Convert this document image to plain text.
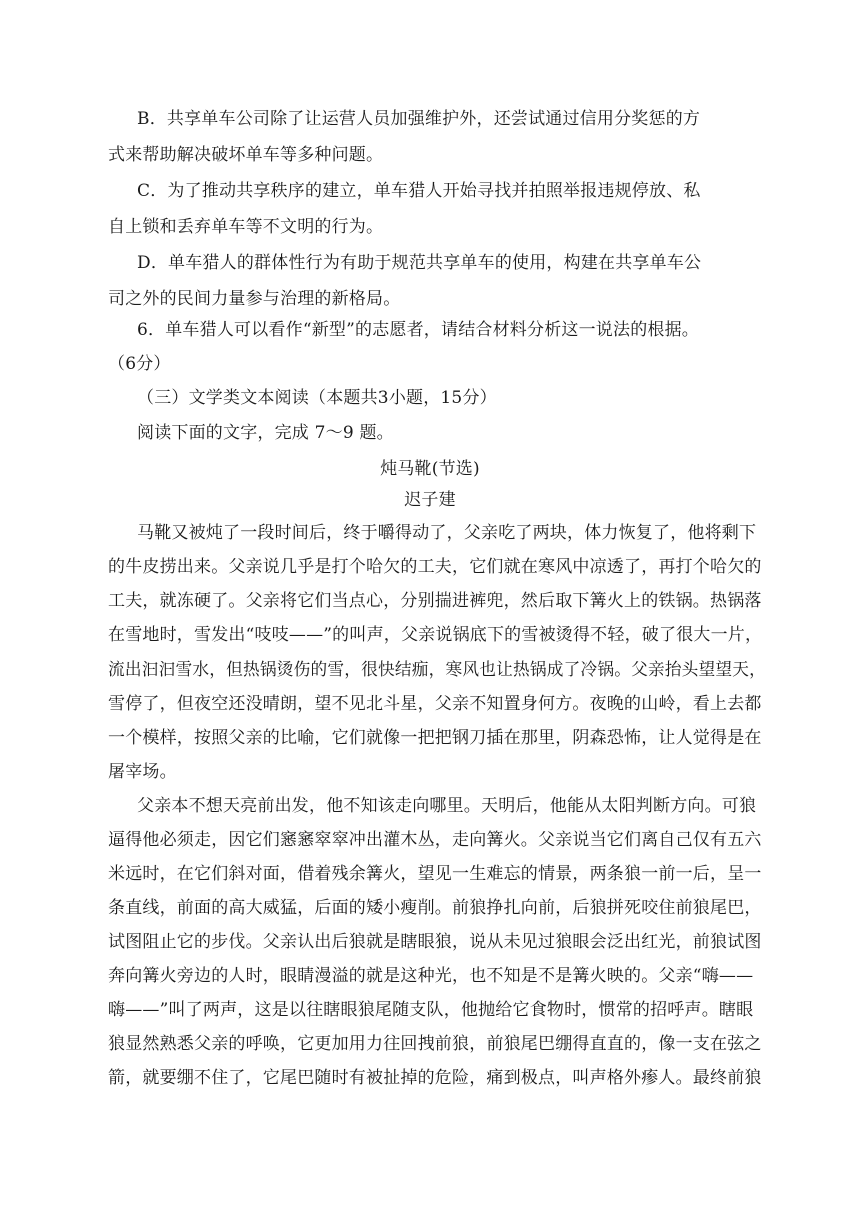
B．共享单车公司除了让运营人员加强维护外，还尝试通过信用分奖惩的方
式来帮助解决破坏单车等多种问题。
C．为了推动共享秩序的建立，单车猎人开始寻找并拍照举报违规停放、私
自上锁和丢弃单车等不文明的行为。
D．单车猎人的群体性行为有助于规范共享单车的使用，构建在共享单车公
司之外的民间力量参与治理的新格局。
6．单车猎人可以看作“新型”的志愿者，请结合材料分析这一说法的根据。
（6分）
（三）文学类文本阅读（本题共3小题，15分）
阅读下面的文字，完成 7～9 题。
炖马靴(节选)
迟子建
马靴又被炖了一段时间后，终于嚼得动了，父亲吃了两块，体力恢复了，他将剩下
的牛皮捞出来。父亲说几乎是打个哈欠的工夫，它们就在寒风中凉透了，再打个哈欠的
工夫，就冻硬了。父亲将它们当点心，分别揣进裤兜，然后取下篝火上的铁锅。热锅落
在雪地时，雪发出“吱吱——”的叫声，父亲说锅底下的雪被烫得不轻，破了很大一片，
流出汩汩雪水，但热锅烫伤的雪，很快结痂，寒风也让热锅成了冷锅。父亲抬头望望天，
雪停了，但夜空还没晴朗，望不见北斗星，父亲不知置身何方。夜晚的山岭，看上去都
一个模样，按照父亲的比喻，它们就像一把把钢刀插在那里，阴森恐怖，让人觉得是在
屠宰场。
父亲本不想天亮前出发，他不知该走向哪里。天明后，他能从太阳判断方向。可狼
逼得他必须走，因它们窸窸窣窣冲出灌木丛，走向篝火。父亲说当它们离自己仅有五六
米远时，在它们斜对面，借着残余篝火，望见一生难忘的情景，两条狼一前一后，呈一
条直线，前面的高大威猛，后面的矮小瘦削。前狼挣扎向前，后狼拼死咬住前狼尾巴，
试图阻止它的步伐。父亲认出后狼就是瞎眼狼，说从未见过狼眼会泛出红光，前狼试图
奔向篝火旁边的人时，眼睛漫溢的就是这种光，也不知是不是篝火映的。父亲“嗨——
嗨——”叫了两声，这是以往瞎眼狼尾随支队，他抛给它食物时，惯常的招呼声。瞎眼
狼显然熟悉父亲的呼唤，它更加用力往回拽前狼，前狼尾巴绷得直直的，像一支在弦之
箭，就要绷不住了，它尾巴随时有被扯掉的危险，痛到极点，叫声格外瘆人。最终前狼
